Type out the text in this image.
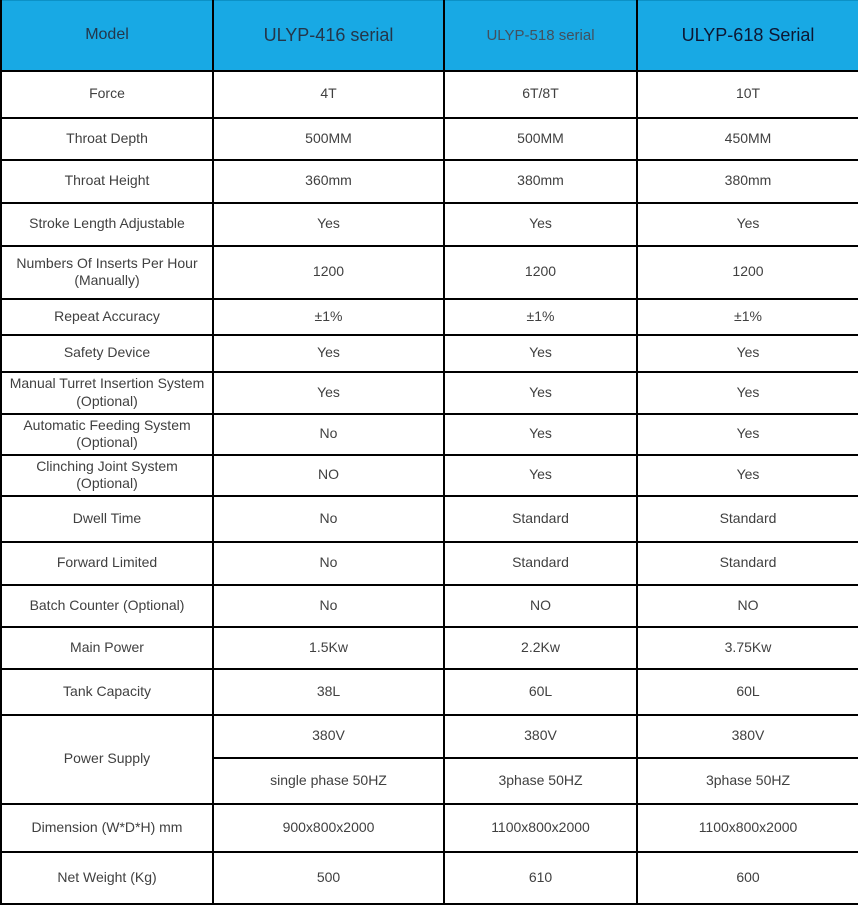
Model	ULYP-416 serial	ULYP-518 serial	ULYP-618 Serial
Force	4T	6T/8T	10T
Throat Depth	500MM	500MM	450MM
Throat Height	360mm	380mm	380mm
Stroke Length Adjustable	Yes	Yes	Yes
Numbers Of Inserts Per Hour (Manually)	1200	1200	1200
Repeat Accuracy	±1%	±1%	±1%
Safety Device	Yes	Yes	Yes
Manual Turret Insertion System (Optional)	Yes	Yes	Yes
Automatic Feeding System (Optional)	No	Yes	Yes
Clinching Joint System (Optional)	NO	Yes	Yes
Dwell Time	No	Standard	Standard
Forward Limited	No	Standard	Standard
Batch Counter (Optional)	No	NO	NO
Main Power	1.5Kw	2.2Kw	3.75Kw
Tank Capacity	38L	60L	60L
Power Supply	380V	380V	380V
	single phase 50HZ	3phase 50HZ	3phase 50HZ
Dimension (W*D*H) mm	900x800x2000	1100x800x2000	1100x800x2000
Net Weight (Kg)	500	610	600
